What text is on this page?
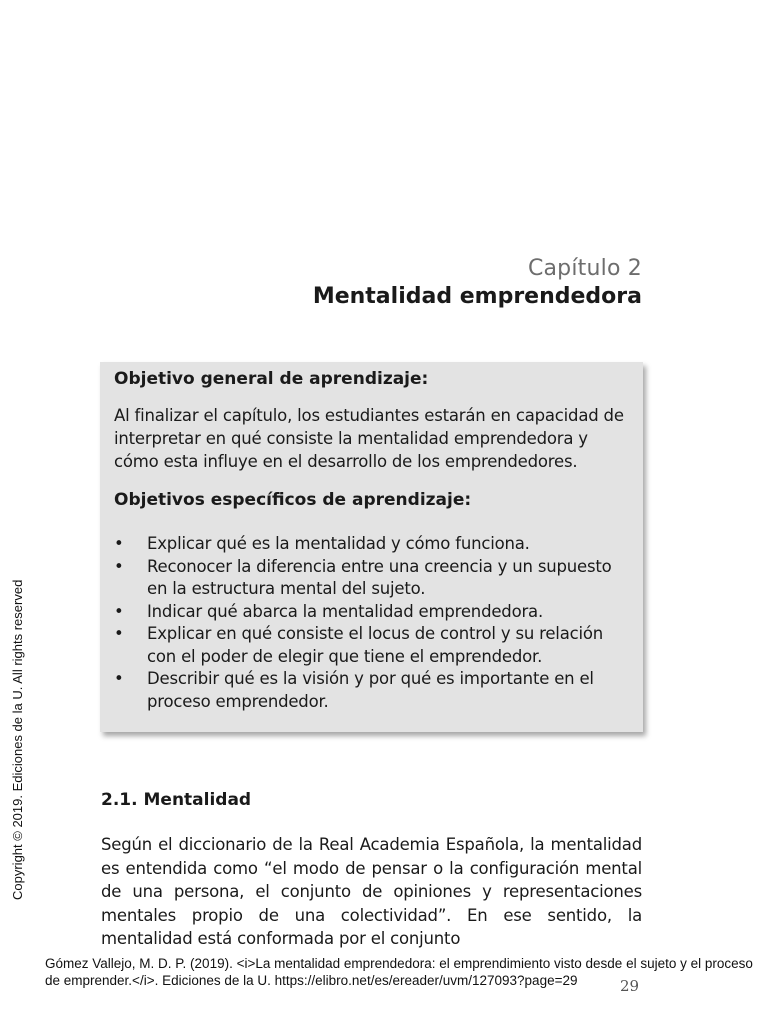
Capítulo 2
Mentalidad emprendedora

Objetivo general de aprendizaje:

Al finalizar el capítulo, los estudiantes estarán en capacidad de interpretar en qué consiste la mentalidad emprendedora y cómo esta influye en el desarrollo de los emprendedores.

Objetivos específicos de aprendizaje:

• Explicar qué es la mentalidad y cómo funciona.
• Reconocer la diferencia entre una creencia y un supuesto en la estructura mental del sujeto.
• Indicar qué abarca la mentalidad emprendedora.
• Explicar en qué consiste el locus de control y su relación con el poder de elegir que tiene el emprendedor.
• Describir qué es la visión y por qué es importante en el proceso emprendedor.
2.1. Mentalidad

Según el diccionario de la Real Academia Española, la mentalidad es entendida como “el modo de pensar o la configuración mental de una persona, el conjunto de opiniones y representaciones mentales propio de una colectividad”. En ese sentido, la mentalidad está conformada por el conjunto

Copyright © 2019. Ediciones de la U. All rights reserved
29

Gómez Vallejo, M. D. P. (2019). <i>La mentalidad emprendedora: el emprendimiento visto desde el sujeto y el proceso de emprender.</i>. Ediciones de la U. https://elibro.net/es/ereader/uvm/127093?page=29
